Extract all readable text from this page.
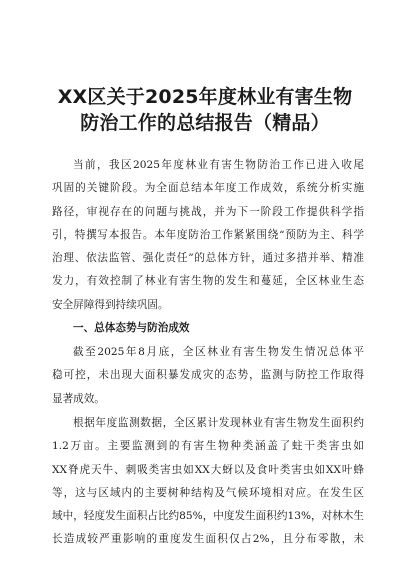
XX区关于2025年度林业有害生物
防治工作的总结报告（精品）
当前，我区2025年度林业有害生物防治工作已进入收尾
巩固的关键阶段。为全面总结本年度工作成效，系统分析实施
路径，审视存在的问题与挑战，并为下一阶段工作提供科学指
引，特撰写本报告。本年度防治工作紧紧围绕“预防为主、科学
治理、依法监管、强化责任”的总体方针，通过多措并举、精准
发力，有效控制了林业有害生物的发生和蔓延，全区林业生态
安全屏障得到持续巩固。
一、总体态势与防治成效
截至2025年8月底，全区林业有害生物发生情况总体平
稳可控，未出现大面积暴发成灾的态势，监测与防控工作取得
显著成效。
根据年度监测数据，全区累计发现林业有害生物发生面积约
1.2万亩。主要监测到的有害生物种类涵盖了蛀干类害虫如
XX脊虎天牛、刺吸类害虫如XX大蚜以及食叶类害虫如XX叶蜂
等，这与区域内的主要树种结构及气候环境相对应。在发生区
域中，轻度发生面积占比约85%，中度发生面积约13%，对林木生
长造成较严重影响的重度发生面积仅占2%，且分布零散，未
